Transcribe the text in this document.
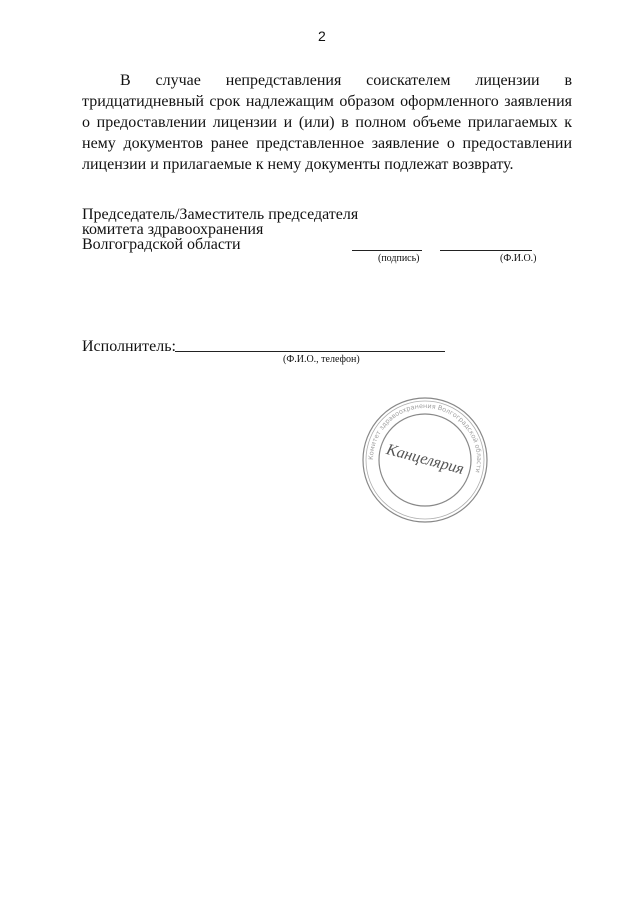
2

В случае непредставления соискателем лицензии в тридцатидневный срок надлежащим образом оформленного заявления о предоставлении лицензии и (или) в полном объеме прилагаемых к нему документов ранее представленное заявление о предоставлении лицензии и прилагаемые к нему документы подлежат возврату.

Председатель/Заместитель председателя
комитета здравоохранения
Волгоградской области
(подпись)	(Ф.И.О.)
Исполнитель:
(Ф.И.О., телефон)
Комитет здравоохранения Волгоградской области
Канцелярия
